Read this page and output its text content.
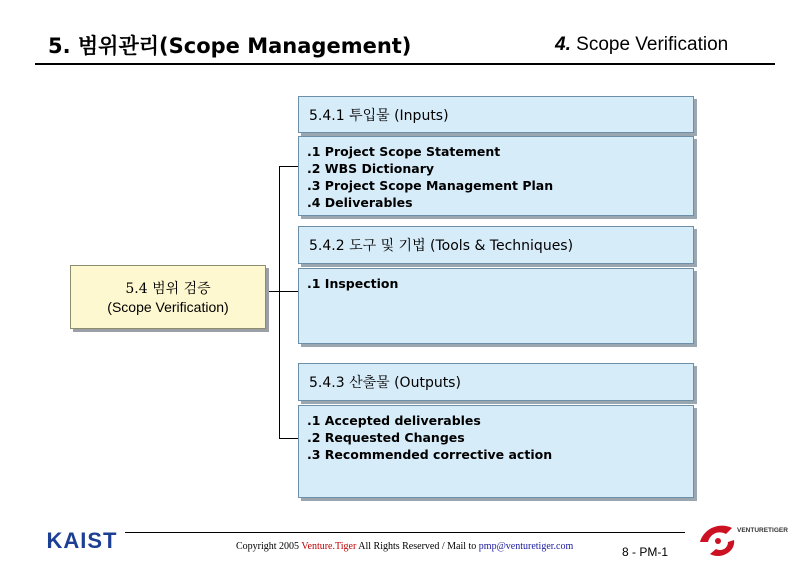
5. 범위관리(Scope Management)	4. Scope Verification
5.4 범위 검증
(Scope Verification)
5.4.1 투입물 (Inputs)
.1 Project Scope Statement
.2 WBS Dictionary
.3 Project Scope Management Plan
.4 Deliverables
5.4.2 도구 및 기법 (Tools & Techniques)
.1 Inspection
5.4.3 산출물 (Outputs)
.1 Accepted deliverables
.2 Requested Changes
.3 Recommended corrective action
KAIST	Copyright 2005 Venture.Tiger All Rights Reserved / Mail to pmp@venturetiger.com	8 - PM-1
VENTURETIGER
